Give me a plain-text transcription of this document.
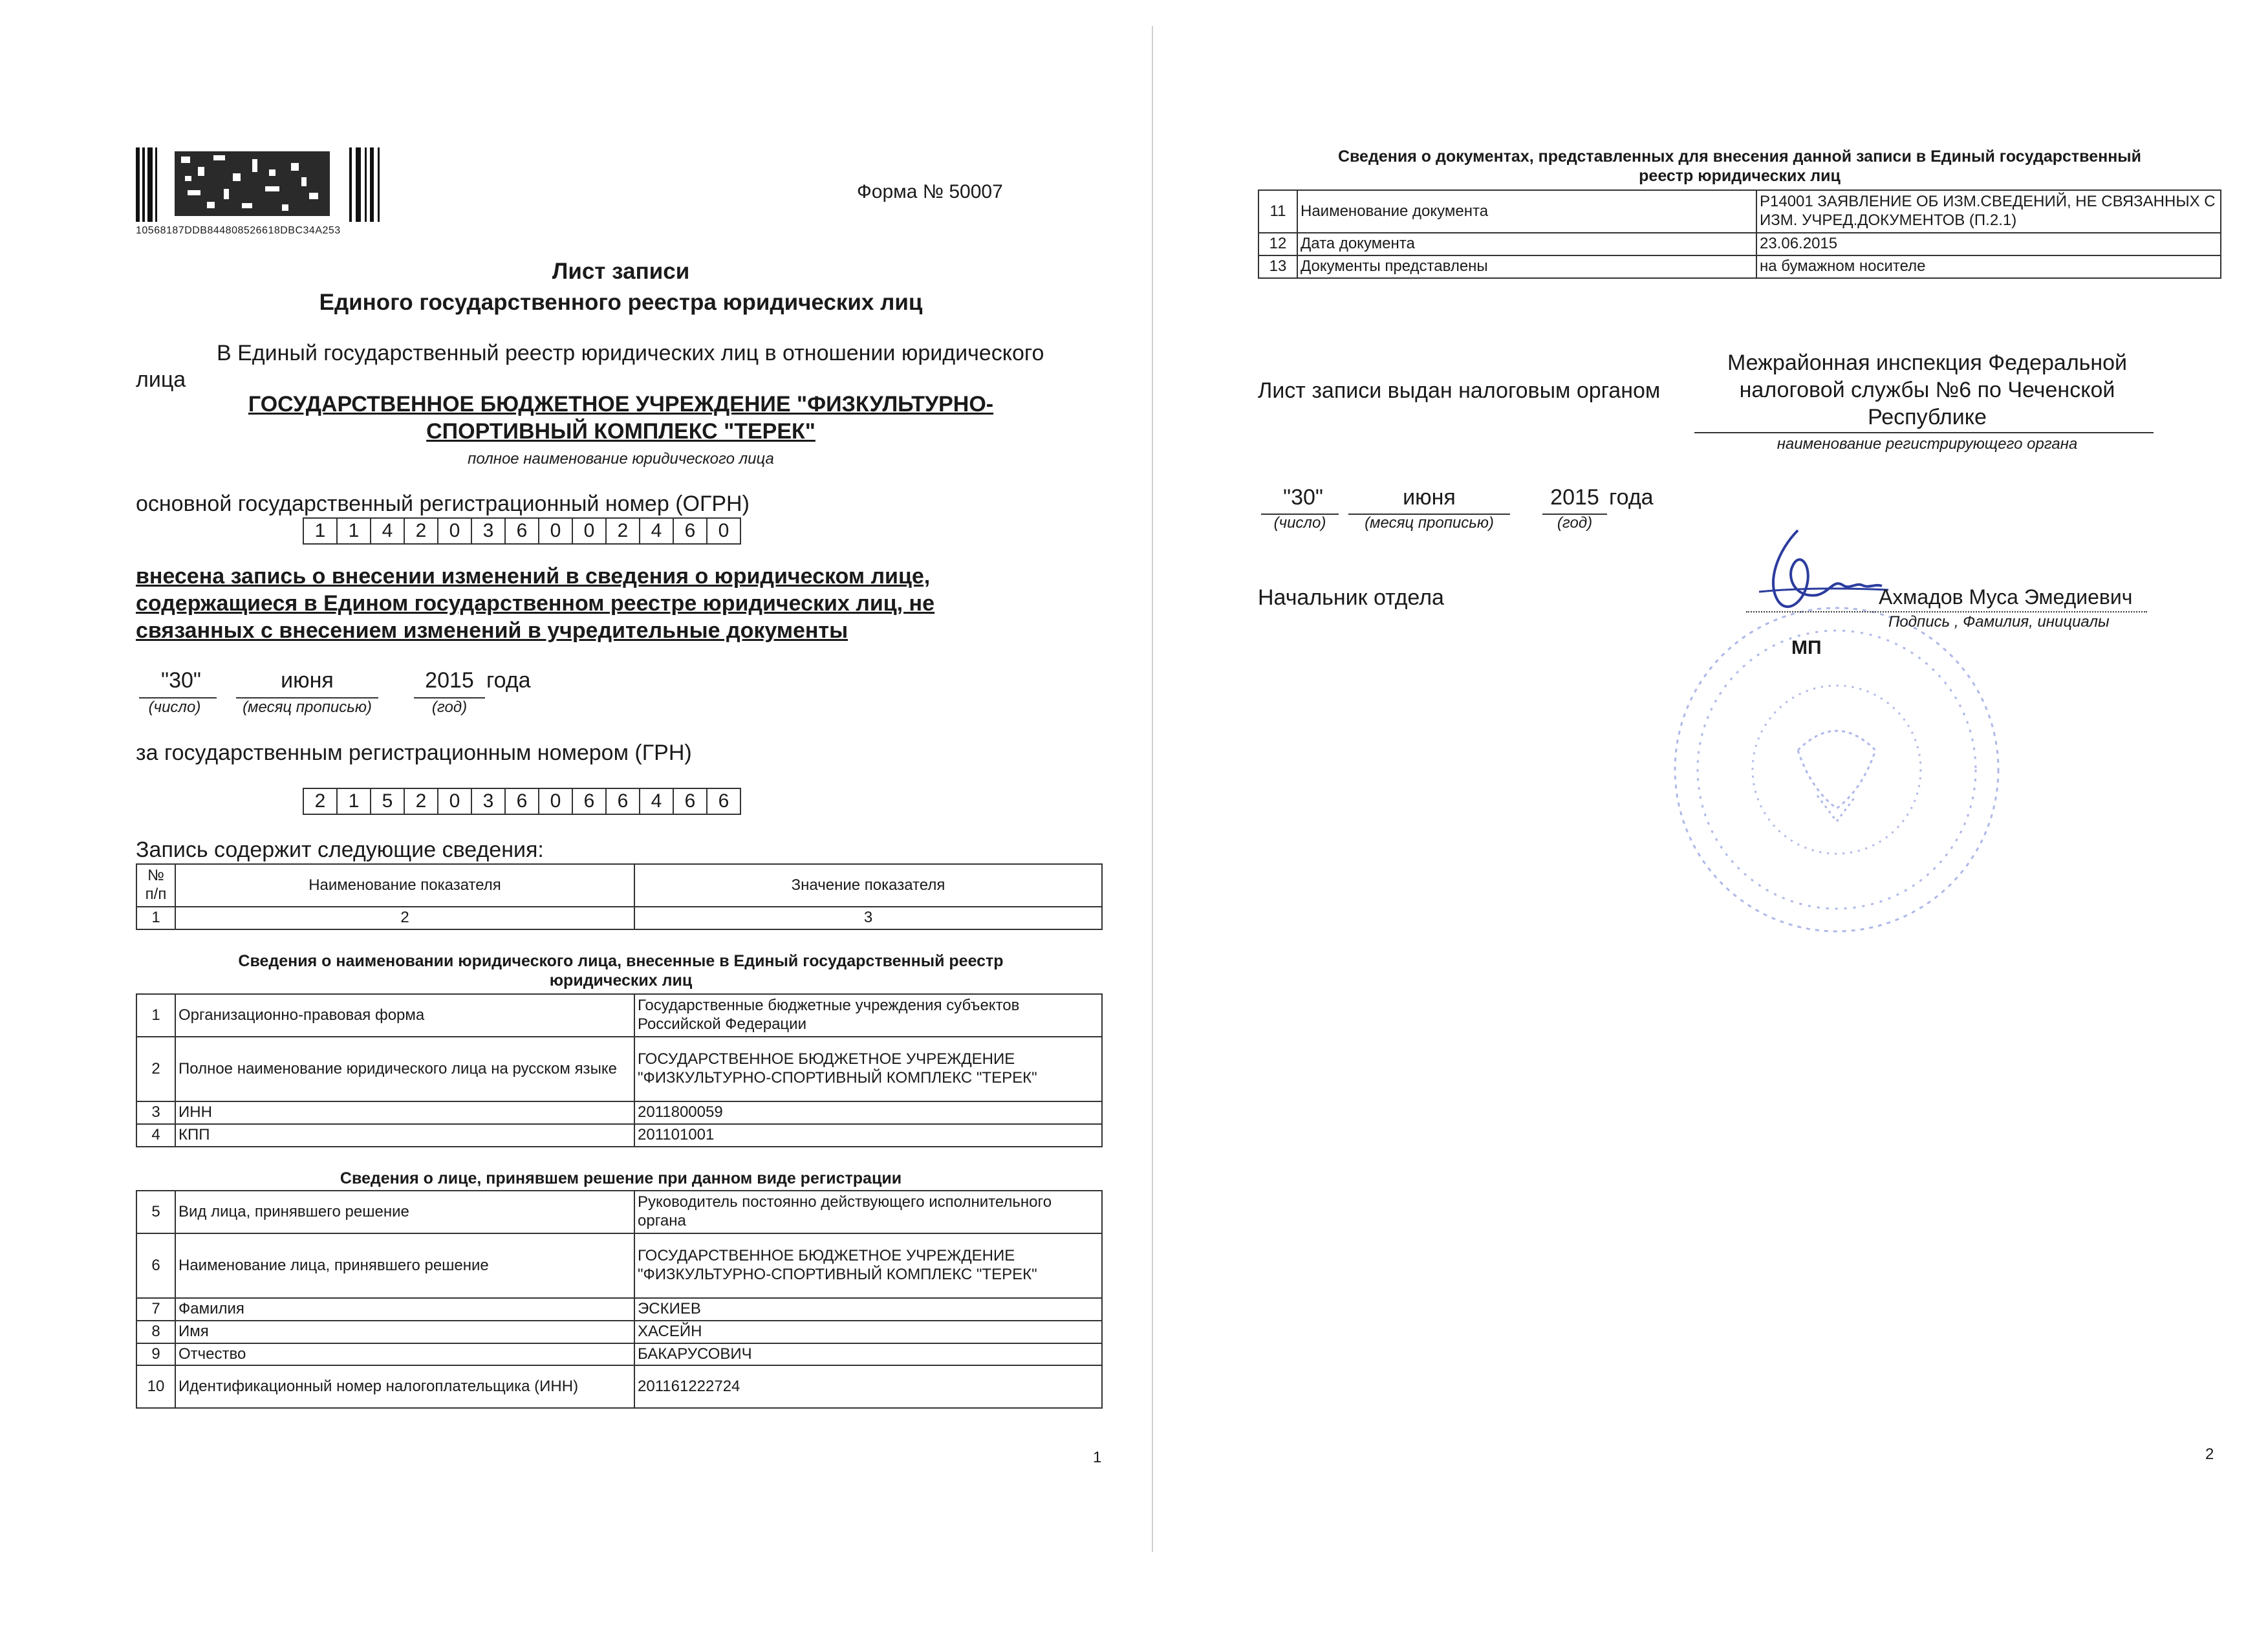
10568187DDB844808526618DBC34A253
Форма № 50007
Лист записи
Единого государственного реестра юридических лиц
В Единый государственный реестр юридических лиц в отношении юридического
лица
ГОСУДАРСТВЕННОЕ БЮДЖЕТНОЕ УЧРЕЖДЕНИЕ "ФИЗКУЛЬТУРНО-
СПОРТИВНЫЙ КОМПЛЕКС "ТЕРЕК"
полное наименование юридического лица
основной государственный регистрационный номер (ОГРН)
1	1	4	2	0	3	6	0	0	2	4	6	0
внесена запись о внесении изменений в сведения о юридическом лице,
содержащиеся в Едином государственном реестре юридических лиц, не
связанных с внесением изменений в учредительные документы
"30"	июня	2015 года
(число)	(месяц прописью)	(год)
за государственным регистрационным номером (ГРН)
2	1	5	2	0	3	6	0	6	6	4	6	6
Запись содержит следующие сведения:
№ п/п	Наименование показателя	Значение показателя
1	2	3
Сведения о наименовании юридического лица, внесенные в Единый государственный реестр
юридических лиц
1	Организационно-правовая форма	Государственные бюджетные учреждения субъектов Российской Федерации
2	Полное наименование юридического лица на русском языке	ГОСУДАРСТВЕННОЕ БЮДЖЕТНОЕ УЧРЕЖДЕНИЕ "ФИЗКУЛЬТУРНО-СПОРТИВНЫЙ КОМПЛЕКС "ТЕРЕК"
3	ИНН	2011800059
4	КПП	201101001
Сведения о лице, принявшем решение при данном виде регистрации
5	Вид лица, принявшего решение	Руководитель постоянно действующего исполнительного органа
6	Наименование лица, принявшего решение	ГОСУДАРСТВЕННОЕ БЮДЖЕТНОЕ УЧРЕЖДЕНИЕ "ФИЗКУЛЬТУРНО-СПОРТИВНЫЙ КОМПЛЕКС "ТЕРЕК"
7	Фамилия	ЭСКИЕВ
8	Имя	ХАСЕЙН
9	Отчество	БАКАРУСОВИЧ
10	Идентификационный номер налогоплательщика (ИНН)	201161222724
1
Сведения о документах, представленных для внесения данной записи в Единый государственный
реестр юридических лиц
11	Наименование документа	Р14001 ЗАЯВЛЕНИЕ ОБ ИЗМ.СВЕДЕНИЙ, НЕ СВЯЗАННЫХ С ИЗМ. УЧРЕД.ДОКУМЕНТОВ (П.2.1)
12	Дата документа	23.06.2015
13	Документы представлены	на бумажном носителе
Лист записи выдан налоговым органом
Межрайонная инспекция Федеральной
налоговой службы №6 по Чеченской
Республике
наименование регистрирующего органа
"30"	июня	2015 года
(число)	(месяц прописью)	(год)
Начальник отдела	Ахмадов Муса Эмедиевич
Подпись , Фамилия, инициалы
МП
2
